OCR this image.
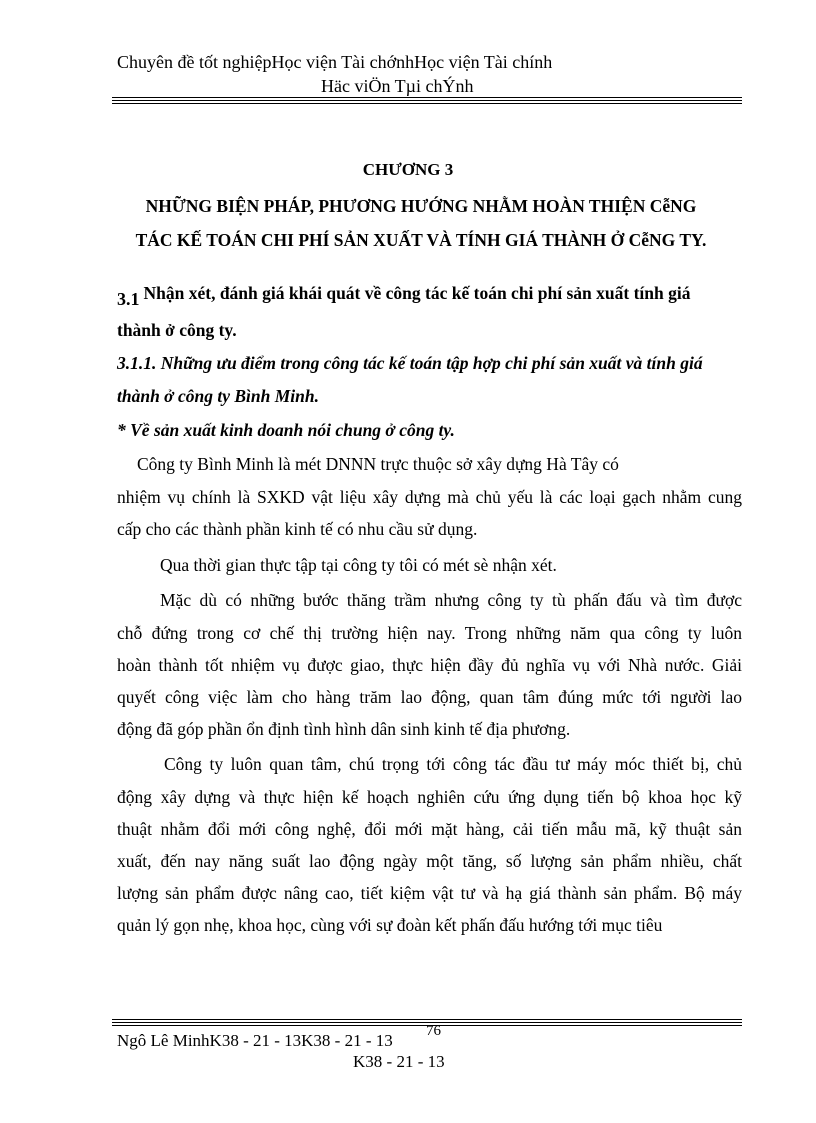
Chuyên đề tốt nghiệpHọc viện Tài chớnhHọc viện Tài chính
Häc viÖn Tµi chÝnh
CHƯƠNG 3
NHỮNG BIỆN PHÁP, PHƯƠNG HƯỚNG NHẰM HOÀN THIỆN CễNG
TÁC KẾ TOÁN CHI PHÍ SẢN XUẤT VÀ TÍNH GIÁ THÀNH Ở CễNG TY.
3.1 Nhận xét, đánh giá khái quát về công tác kế toán chi phí sản xuất tính giá
thành ở công ty.
3.1.1. Những ưu điểm trong công tác kế toán tập hợp chi phí sản xuất và tính giá
thành ở công ty Bình Minh.
* Về sản xuất kinh doanh nói chung ở công ty.
Công ty Bình Minh là mét DNNN trực thuộc sở xây dựng Hà Tây có
nhiệm vụ chính là SXKD vật liệu xây dựng mà chủ yếu là các loại gạch nhằm cung
cấp cho các thành phần kinh tế có nhu cầu sử dụng.
Qua thời gian thực tập tại công ty tôi có mét sè nhận xét.
Mặc dù có những bước thăng trầm nhưng công ty tù phấn đấu và tìm được
chỗ đứng trong cơ chế thị trường hiện nay. Trong những năm qua công ty luôn
hoàn thành tốt nhiệm vụ được giao, thực hiện đầy đủ nghĩa vụ với Nhà nước. Giải
quyết công việc làm cho hàng trăm lao động, quan tâm đúng mức tới người lao
động đã góp phần ổn định tình hình dân sinh kinh tế địa phương.
Công ty luôn quan tâm, chú trọng tới công tác đầu tư máy móc thiết bị, chủ
động xây dựng và thực hiện kế hoạch nghiên cứu ứng dụng tiến bộ khoa học kỹ
thuật nhằm đổi mới công nghệ, đổi mới mặt hàng, cải tiến mẫu mã, kỹ thuật sản
xuất, đến nay năng suất lao động ngày một tăng, số lượng sản phẩm nhiều, chất
lượng sản phẩm được nâng cao, tiết kiệm vật tư và hạ giá thành sản phẩm. Bộ máy
quản lý gọn nhẹ, khoa học, cùng với sự đoàn kết phấn đấu hướng tới mục tiêu
Ngô Lê MinhK38 - 21 - 13K38 - 21 - 13 76
K38 - 21 - 13
